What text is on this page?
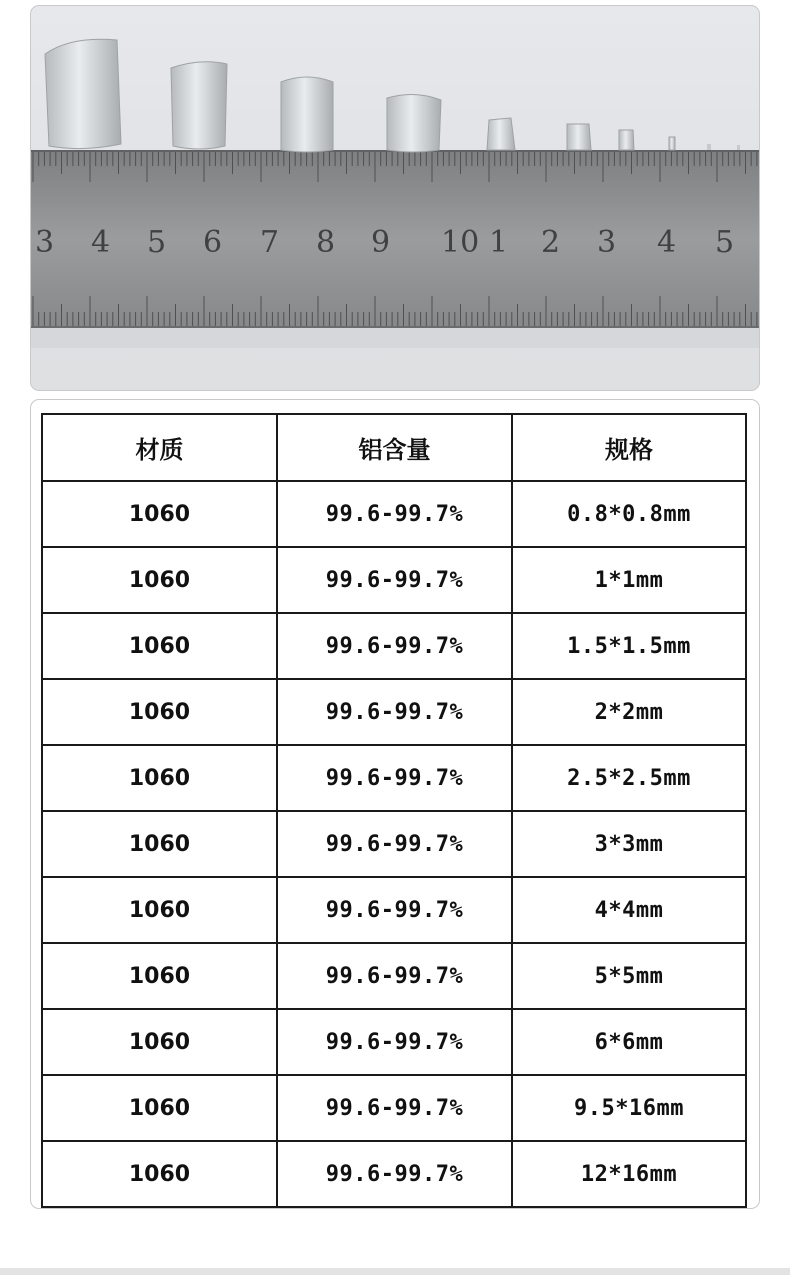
3 4 5 6 7 8 9 10 1 2 3 4 5
材质	铝含量	规格
1060	99.6-99.7%	0.8*0.8mm
1060	99.6-99.7%	1*1mm
1060	99.6-99.7%	1.5*1.5mm
1060	99.6-99.7%	2*2mm
1060	99.6-99.7%	2.5*2.5mm
1060	99.6-99.7%	3*3mm
1060	99.6-99.7%	4*4mm
1060	99.6-99.7%	5*5mm
1060	99.6-99.7%	6*6mm
1060	99.6-99.7%	9.5*16mm
1060	99.6-99.7%	12*16mm
